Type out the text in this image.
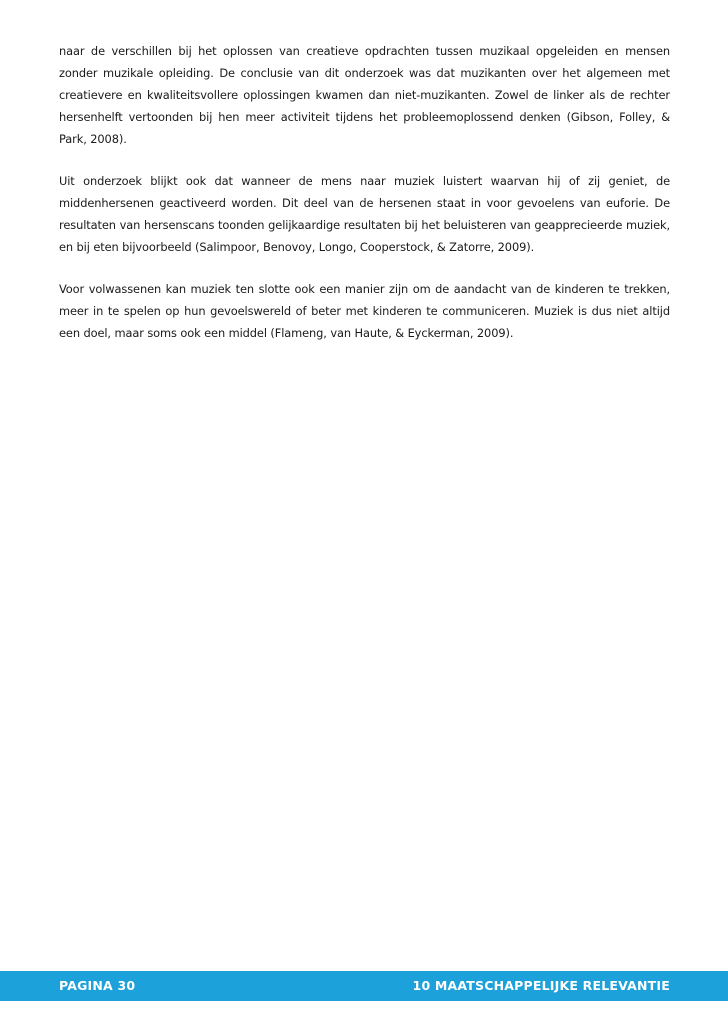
naar de verschillen bij het oplossen van creatieve opdrachten tussen muzikaal opgeleiden en mensen zonder muzikale opleiding. De conclusie van dit onderzoek was dat muzikanten over het algemeen met creatievere en kwaliteitsvollere oplossingen kwamen dan niet-muzikanten. Zowel de linker als de rechter hersenhelft vertoonden bij hen meer activiteit tijdens het probleemoplossend denken (Gibson, Folley, & Park, 2008).

Uit onderzoek blijkt ook dat wanneer de mens naar muziek luistert waarvan hij of zij geniet, de middenhersenen geactiveerd worden. Dit deel van de hersenen staat in voor gevoelens van euforie. De resultaten van hersenscans toonden gelijkaardige resultaten bij het beluisteren van geapprecieerde muziek, en bij eten bijvoorbeeld (Salimpoor, Benovoy, Longo, Cooperstock, & Zatorre, 2009).

Voor volwassenen kan muziek ten slotte ook een manier zijn om de aandacht van de kinderen te trekken, meer in te spelen op hun gevoelswereld of beter met kinderen te communiceren. Muziek is dus niet altijd een doel, maar soms ook een middel (Flameng, van Haute, & Eyckerman, 2009).

PAGINA 30	10 MAATSCHAPPELIJKE RELEVANTIE
